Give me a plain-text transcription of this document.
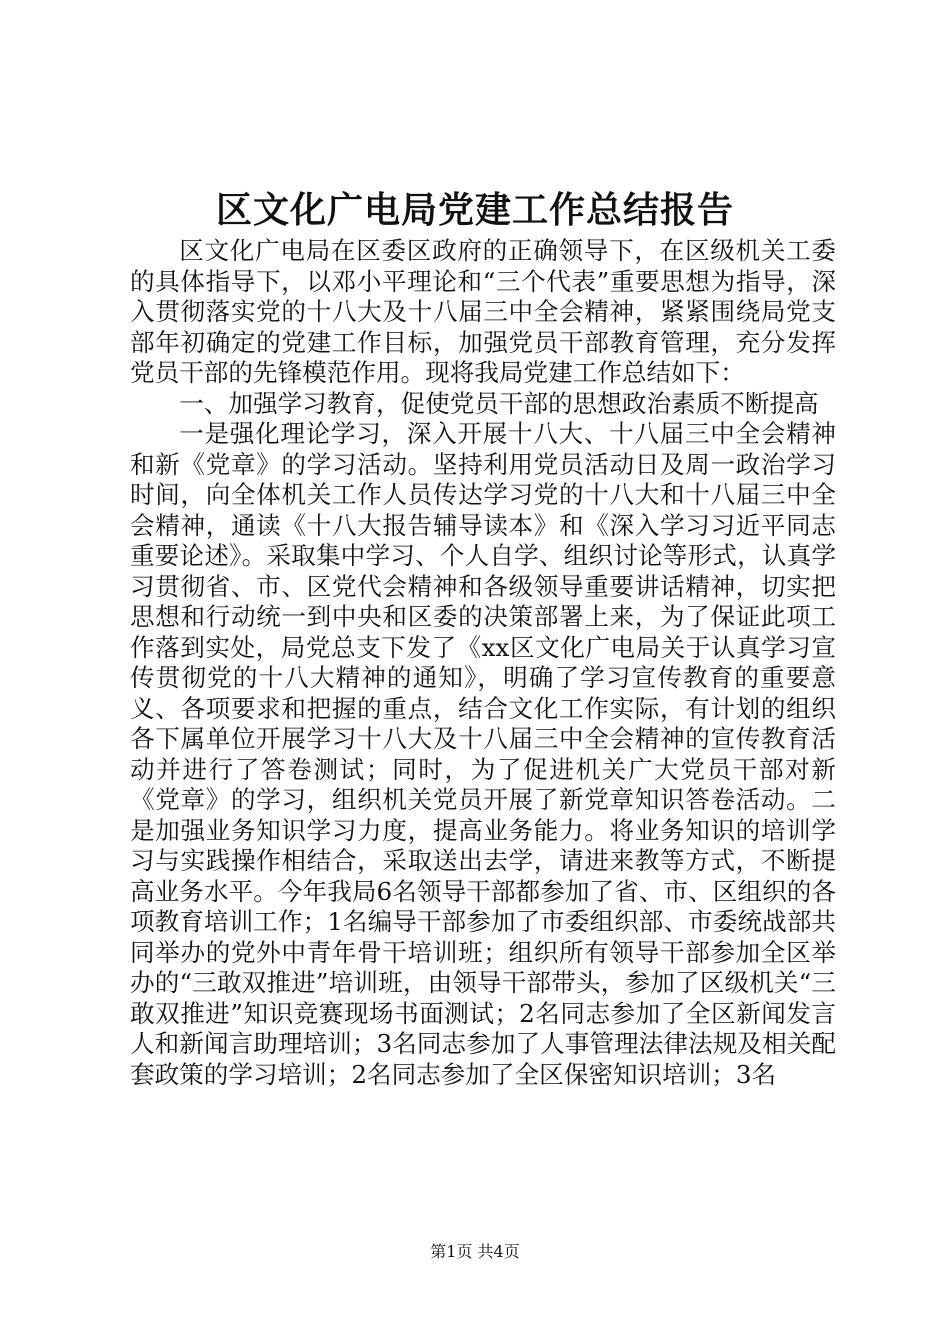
区文化广电局党建工作总结报告

区文化广电局在区委区政府的正确领导下，在区级机关工委的具体指导下，以邓小平理论和“三个代表”重要思想为指导，深入贯彻落实党的十八大及十八届三中全会精神，紧紧围绕局党支部年初确定的党建工作目标，加强党员干部教育管理，充分发挥党员干部的先锋模范作用。现将我局党建工作总结如下：

一、加强学习教育，促使党员干部的思想政治素质不断提高

一是强化理论学习，深入开展十八大、十八届三中全会精神和新《党章》的学习活动。坚持利用党员活动日及周一政治学习时间，向全体机关工作人员传达学习党的十八大和十八届三中全会精神，通读《十八大报告辅导读本》和《深入学习习近平同志重要论述》。采取集中学习、个人自学、组织讨论等形式，认真学习贯彻省、市、区党代会精神和各级领导重要讲话精神，切实把思想和行动统一到中央和区委的决策部署上来，为了保证此项工作落到实处，局党总支下发了《xx区文化广电局关于认真学习宣传贯彻党的十八大精神的通知》，明确了学习宣传教育的重要意义、各项要求和把握的重点，结合文化工作实际，有计划的组织各下属单位开展学习十八大及十八届三中全会精神的宣传教育活动并进行了答卷测试；同时，为了促进机关广大党员干部对新《党章》的学习，组织机关党员开展了新党章知识答卷活动。二是加强业务知识学习力度，提高业务能力。将业务知识的培训学习与实践操作相结合，采取送出去学，请进来教等方式，不断提高业务水平。今年我局6名领导干部都参加了省、市、区组织的各项教育培训工作；1名编导干部参加了市委组织部、市委统战部共同举办的党外中青年骨干培训班；组织所有领导干部参加全区举办的“三敢双推进”培训班，由领导干部带头，参加了区级机关“三敢双推进”知识竞赛现场书面测试；2名同志参加了全区新闻发言人和新闻言助理培训；3名同志参加了人事管理法律法规及相关配套政策的学习培训；2名同志参加了全区保密知识培训；3名

第1页 共4页
